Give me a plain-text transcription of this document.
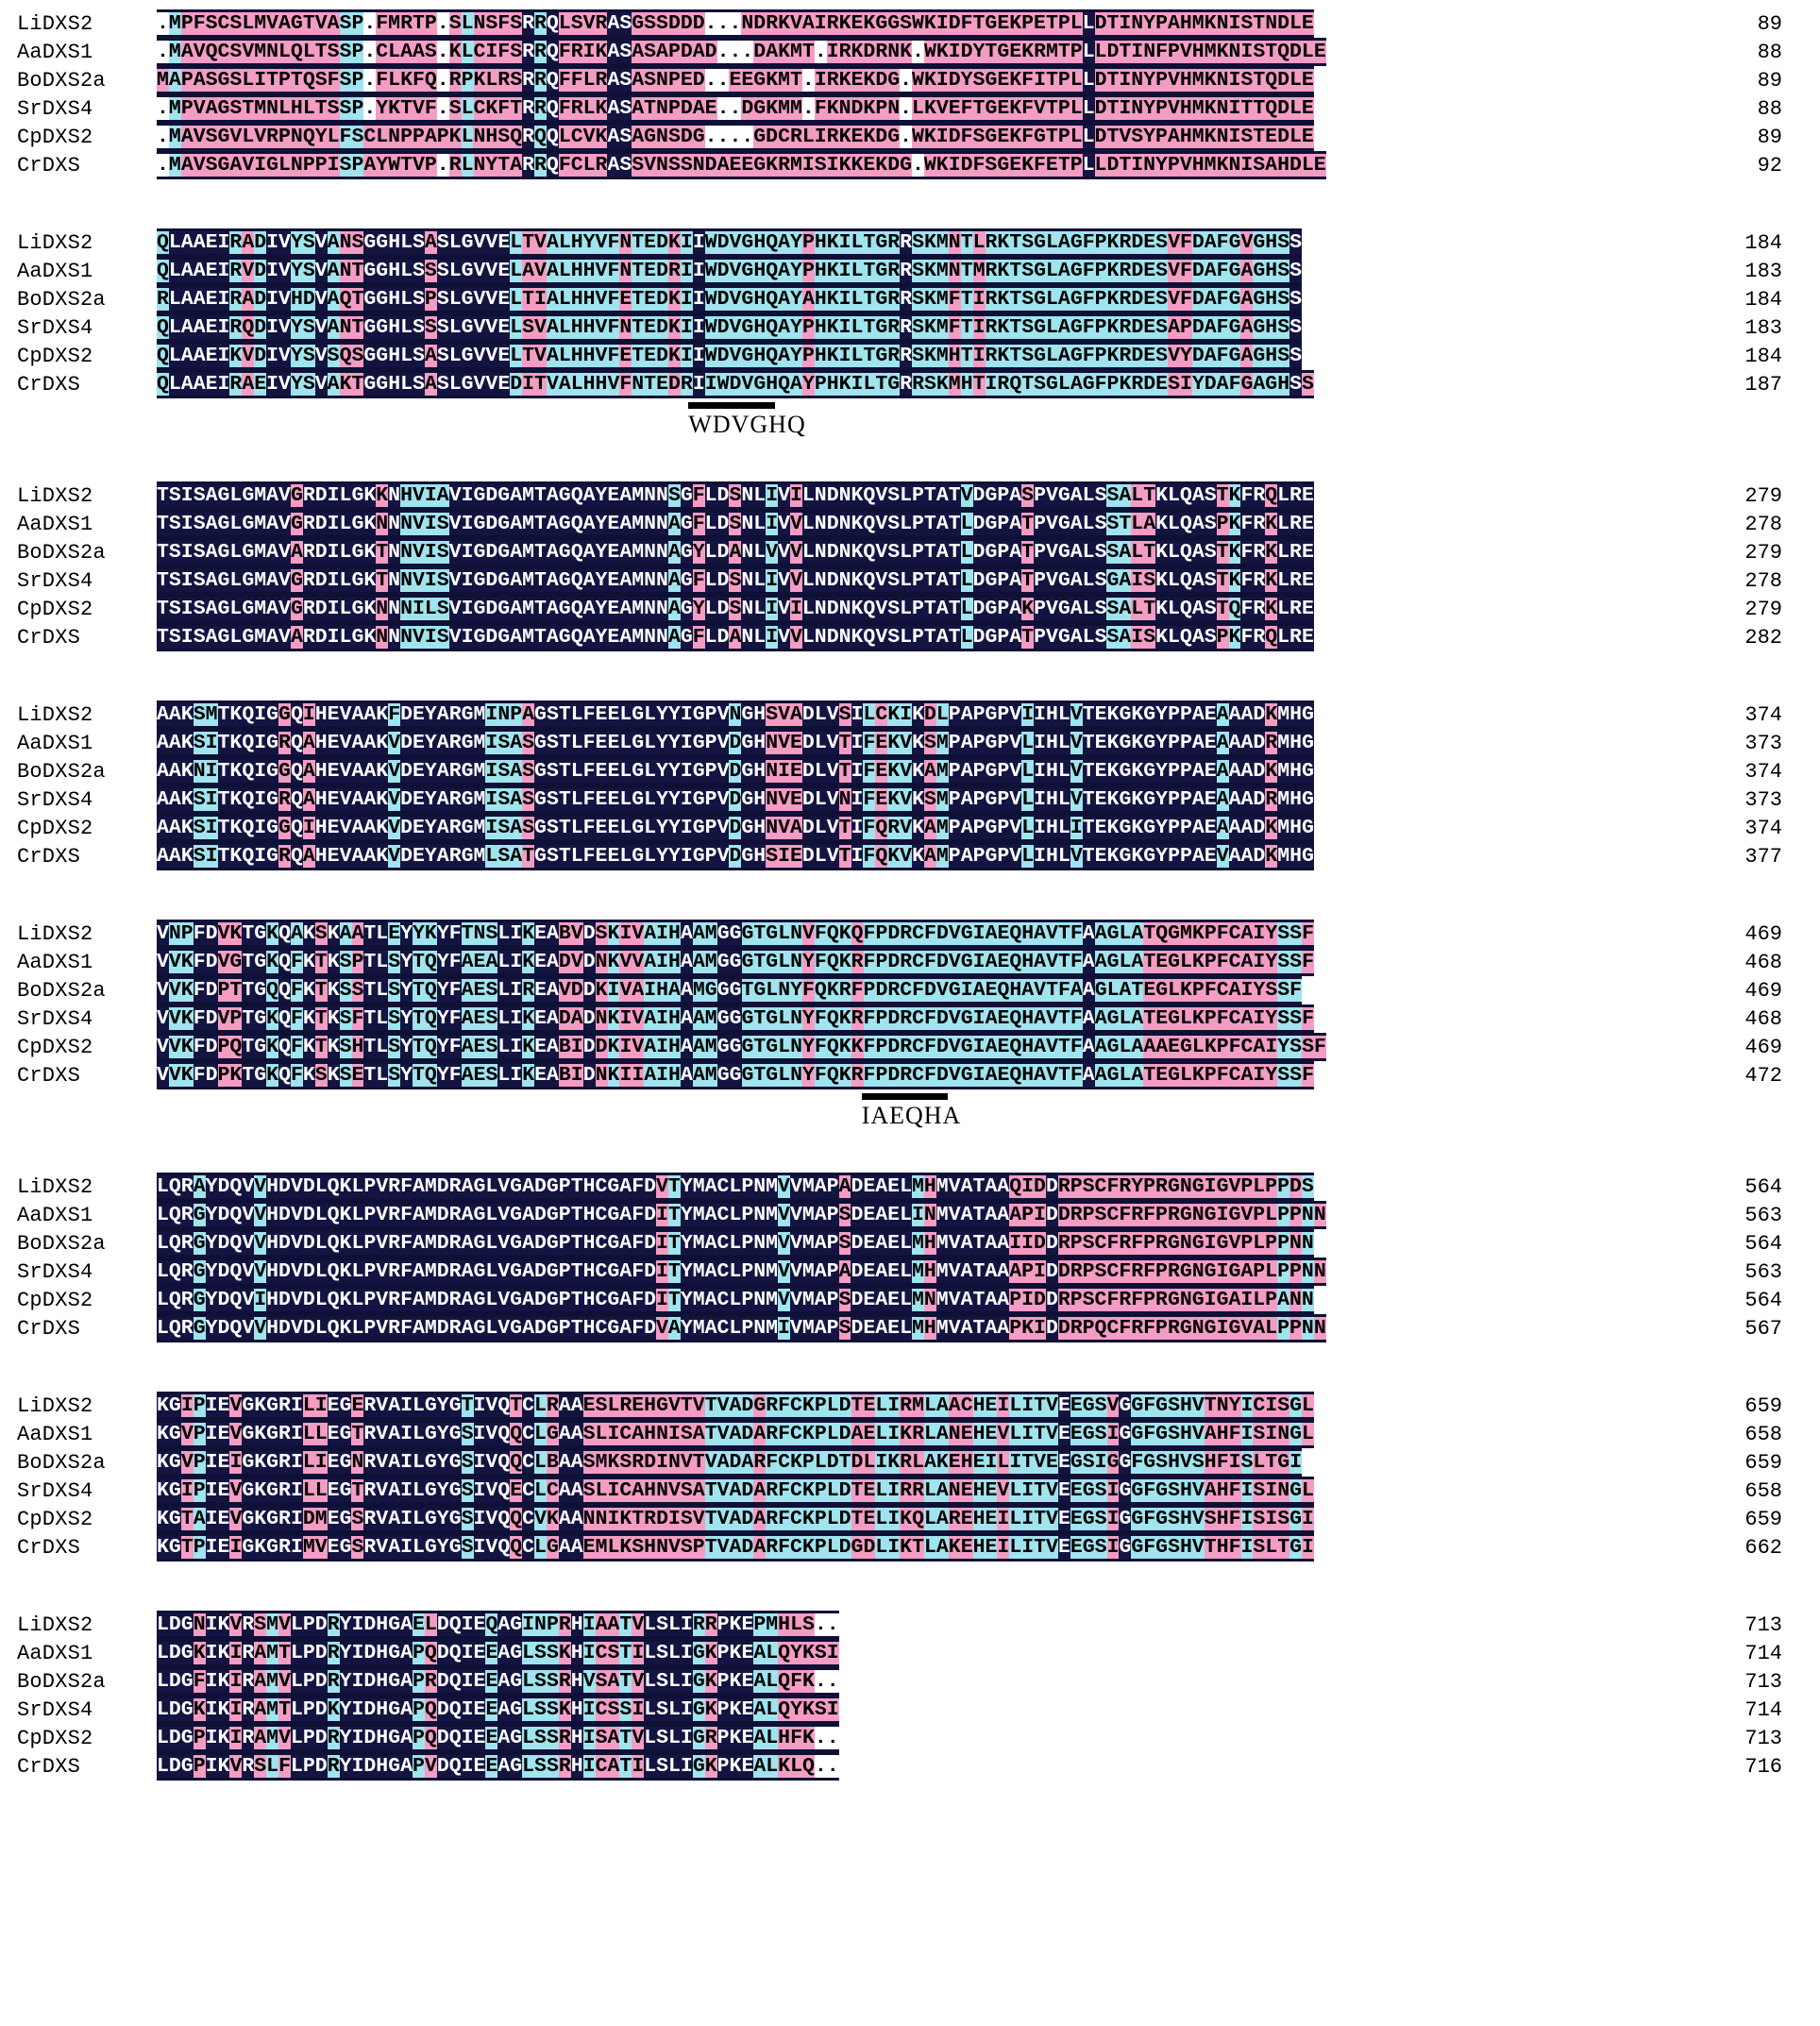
LiDXS2	.MPFSCSLMVAGTVASP.FMRTP.SLNSFSRRQLSVRASGSSDDD...NDRKVAIRKEKGGSWKIDFTGEKPETPLLDTINYPAHMKNISTNDLE	89
AaDXS1	.MAVQCSVMNLQLTSSP.CLAAS.KLCIFSRRQFRIKASASAPDAD...DAKMT.IRKDRNK.WKIDYTGEKRMTPLLDTINFPVHMKNISTQDLE	88
BoDXS2a	MAPASGSLITPTQSFSP.FLKFQ.RPKLRSRRQFFLRASASNPED..EEGKMT.IRKEKDG.WKIDYSGEKFITPLLDTINYPVHMKNISTQDLE	89
SrDXS4	.MPVAGSTMNLHLTSSP.YKTVF.SLCKFTRRQFRLKASATNPDAE..DGKMM.FKNDKPN.LKVEFTGEKFVTPLLDTINYPVHMKNITTQDLE	88
CpDXS2	.MAVSGVLVRPNQYLFSCLNPPAPKLNHSQRQQLCVKASAGNSDG....GDCRLIRKEKDG.WKIDFSGEKFGTPLLDTVSYPAHMKNISTEDLE	89
CrDXS	.MAVSGAVIGLNPPISPAYWTVP.RLNYTARRQFCLRASSVNSSNDAEEGKRMISIKKEKDG.WKIDFSGEKFETPLLDTINYPVHMKNISAHDLE	92
LiDXS2	QLAAEIRADIVYSVANSGGHLSASLGVVELTVALHYVFNTEDKIIWDVGHQAYPHKILTGRRSKMNTLRKTSGLAGFPKRDESVFDAFGVGHSS	184
AaDXS1	QLAAEIRVDIVYSVANTGGHLSSSLGVVELAVALHHVFNTEDRIIWDVGHQAYPHKILTGRRSKMNTMRKTSGLAGFPKRDESVFDAFGAGHSS	183
BoDXS2a	RLAAEIRADIVHDVAQTGGHLSPSLGVVELTIALHHVFETEDKIIWDVGHQAYAHKILTGRRSKMFTIRKTSGLAGFPKRDESVFDAFGAGHSS	184
SrDXS4	QLAAEIRQDIVYSVANTGGHLSSSLGVVELSVALHHVFNTEDKIIWDVGHQAYPHKILTGRRSKMFTIRKTSGLAGFPKRDESAPDAFGAGHSS	183
CpDXS2	QLAAEIKVDIVYSVSQSGGHLSASLGVVELTVALHHVFETEDKIIWDVGHQAYPHKILTGRRSKMHTIRKTSGLAGFPKRDESVYDAFGAGHSS	184
CrDXS	QLAAEIRAEIVYSVAKTGGHLSASLGVVEDITVALHHVFNTEDRIIWDVGHQAYPHKILTGRRSKMHTIRQTSGLAGFPKRDESIYDAFGAGHSS	187
WDVGHQ
LiDXS2	TSISAGLGMAVGRDILGKKNHVIAVIGDGAMTAGQAYEAMNNSGFLDSNLIVILNDNKQVSLPTATVDGPASPVGALSSALTKLQASTKFRQLRE	279
AaDXS1	TSISAGLGMAVGRDILGKNNNVISVIGDGAMTAGQAYEAMNNAGFLDSNLIVVLNDNKQVSLPTATLDGPATPVGALSSTLAKLQASPKFRKLRE	278
BoDXS2a	TSISAGLGMAVARDILGKTNNVISVIGDGAMTAGQAYEAMNNAGYLDANLVVVLNDNKQVSLPTATLDGPATPVGALSSALTKLQASTKFRKLRE	279
SrDXS4	TSISAGLGMAVGRDILGKTNNVISVIGDGAMTAGQAYEAMNNAGFLDSNLIVVLNDNKQVSLPTATLDGPATPVGALSGAISKLQASTKFRKLRE	278
CpDXS2	TSISAGLGMAVGRDILGKNNNILSVIGDGAMTAGQAYEAMNNAGYLDSNLIVILNDNKQVSLPTATLDGPAKPVGALSSALTKLQASTQFRKLRE	279
CrDXS	TSISAGLGMAVARDILGKNNNVISVIGDGAMTAGQAYEAMNNAGFLDANLIVVLNDNKQVSLPTATLDGPATPVGALSSAISKLQASPKFRQLRE	282
LiDXS2	AAKSMTKQIGGQIHEVAAKFDEYARGMINPAGSTLFEELGLYYIGPVNGHSVADLVSILCKIKDLPAPGPVIIHLVTEKGKGYPPAEAAADKMHG	374
AaDXS1	AAKSITKQIGRQAHEVAAKVDEYARGMISASGSTLFEELGLYYIGPVDGHNVEDLVTIFEKVKSMPAPGPVLIHLVTEKGKGYPPAEAAADRMHG	373
BoDXS2a	AAKNITKQIGGQAHEVAAKVDEYARGMISASGSTLFEELGLYYIGPVDGHNIEDLVTIFEKVKAMPAPGPVLIHLVTEKGKGYPPAEAAADKMHG	374
SrDXS4	AAKSITKQIGRQAHEVAAKVDEYARGMISASGSTLFEELGLYYIGPVDGHNVEDLVNIFEKVKSMPAPGPVLIHLVTEKGKGYPPAEAAADRMHG	373
CpDXS2	AAKSITKQIGGQIHEVAAKVDEYARGMISASGSTLFEELGLYYIGPVDGHNVADLVTIFQRVKAMPAPGPVLIHLITEKGKGYPPAEAAADKMHG	374
CrDXS	AAKSITKQIGRQAHEVAAKVDEYARGMLSATGSTLFEELGLYYIGPVDGHSIEDLVTIFQKVKAMPAPGPVLIHLVTEKGKGYPPAEVAADKMHG	377
LiDXS2	VNPFDVKTGKQAKSKAATLEYYKYFTNSLIKEABVDSKIVAIHAAMGGGTGLNVFQKQFPDRCFDVGIAEQHAVTFAAGLATQGMKPFCAIYSSF	469
AaDXS1	VVKFDVGTGKQFKTKSPTLSYTQYFAEALIKEADVDNKVVAIHAAMGGGTGLNYFQKRFPDRCFDVGIAEQHAVTFAAGLATEGLKPFCAIYSSF	468
BoDXS2a	VVKFDPTTGQQFKTKSSTLSYTQYFAESLIREAVDDKIVAIHAAMGGGTGLNYFQKRFPDRCFDVGIAEQHAVTFAAGLATEGLKPFCAIYSSF	469
SrDXS4	VVKFDVPTGKQFKTKSFTLSYTQYFAESLIKEADADNKIVAIHAAMGGGTGLNYFQKRFPDRCFDVGIAEQHAVTFAAGLATEGLKPFCAIYSSF	468
CpDXS2	VVKFDPQTGKQFKTKSHTLSYTQYFAESLIKEABIDDKIVAIHAAMGGGTGLNYFQKKFPDRCFDVGIAEQHAVTFAAGLAAAEGLKPFCAIYSSF	469
CrDXS	VVKFDPKTGKQFKSKSETLSYTQYFAESLIKEABIDNKIIAIHAAMGGGTGLNYFQKRFPDRCFDVGIAEQHAVTFAAGLATEGLKPFCAIYSSF	472
IAEQHA
LiDXS2	LQRAYDQVVHDVDLQKLPVRFAMDRAGLVGADGPTHCGAFDVTYMACLPNMVVMAPADEAELMHMVATAAQIDDRPSCFRYPRGNGIGVPLPPDS	564
AaDXS1	LQRGYDQVVHDVDLQKLPVRFAMDRAGLVGADGPTHCGAFDITYMACLPNMVVMAPSDEAELINMVATAAAPIDDRPSCFRFPRGNGIGVPLPPNN	563
BoDXS2a	LQRGYDQVVHDVDLQKLPVRFAMDRAGLVGADGPTHCGAFDITYMACLPNMVVMAPSDEAELMHMVATAAIIDDRPSCFRFPRGNGIGVPLPPNN	564
SrDXS4	LQRGYDQVVHDVDLQKLPVRFAMDRAGLVGADGPTHCGAFDITYMACLPNMVVMAPADEAELMHMVATAAAPIDDRPSCFRFPRGNGIGAPLPPNN	563
CpDXS2	LQRGYDQVIHDVDLQKLPVRFAMDRAGLVGADGPTHCGAFDITYMACLPNMVVMAPSDEAELMNMVATAAPIDDRPSCFRFPRGNGIGAILPANN	564
CrDXS	LQRGYDQVVHDVDLQKLPVRFAMDRAGLVGADGPTHCGAFDVAYMACLPNMIVMAPSDEAELMHMVATAAPKIDDRPQCFRFPRGNGIGVALPPNN	567
LiDXS2	KGIPIEVGKGRILIEGERVAILGYGTIVQTCLRAAESLREHGVTVTVADGRFCKPLDTELIRMLAACHEILITVEEGSVGGFGSHVTNYICISGL	659
AaDXS1	KGVPIEVGKGRILLEGTRVAILGYGSIVQQCLGAASLICAHNISATVADARFCKPLDAELIKRLANEHEVLITVEEGSIGGFGSHVAHFISINGL	658
BoDXS2a	KGVPIEIGKGRILIEGNRVAILGYGSIVQQCLBAASMKSRDINVTVADARFCKPLDTDLIKRLAKEHEILITVEEGSIGGFGSHVSHFISLTGI	659
SrDXS4	KGIPIEVGKGRILLEGTRVAILGYGSIVQECLCAASLICAHNVSATVADARFCKPLDTELIRRLANEHEVLITVEEGSIGGFGSHVAHFISINGL	658
CpDXS2	KGTAIEVGKGRIDMEGSRVAILGYGSIVQQCVKAANNIKTRDISVTVADARFCKPLDTELIKQLAREHEILITVEEGSIGGFGSHVSHFISISGI	659
CrDXS	KGTPIEIGKGRIMVEGSRVAILGYGSIVQQCLGAAEMLKSHNVSPTVADARFCKPLDGDLIKTLAKEHEILITVEEGSIGGFGSHVTHFISLTGI	662
LiDXS2	LDGNIKVRSMVLPDRYIDHGAELDQIEQAGINPRHIAATVLSLIRRPKEPMHLS..	713
AaDXS1	LDGKIKIRAMTLPDRYIDHGAPQDQIEEAGLSSKHICSTILSLIGKPKEALQYKSI	714
BoDXS2a	LDGFIKIRAMVLPDRYIDHGAPRDQIEEAGLSSRHVSATVLSLIGKPKEALQFK..	713
SrDXS4	LDGKIKIRAMTLPDKYIDHGAPQDQIEEAGLSSKHICSSILSLIGKPKEALQYKSI	714
CpDXS2	LDGPIKIRAMVLPDRYIDHGAPQDQIEEAGLSSRHISATVLSLIGRPKEALHFK..	713
CrDXS	LDGPIKVRSLFLPDRYIDHGAPVDQIEEAGLSSRHICATILSLIGKPKEALKLQ..	716
